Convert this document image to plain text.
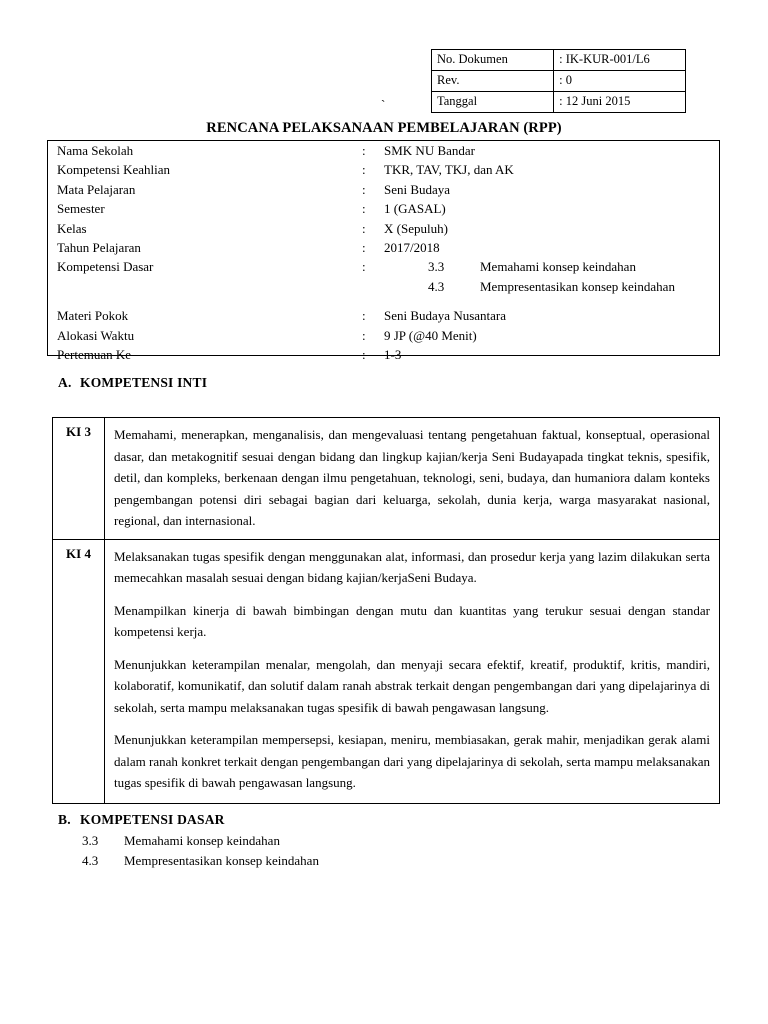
No. Dokumen	: IK-KUR-001/L6
Rev.	: 0
Tanggal	: 12 Juni 2015
`
RENCANA PELAKSANAAN PEMBELAJARAN (RPP)
Nama Sekolah	:	SMK NU Bandar
Kompetensi Keahlian	:	TKR, TAV, TKJ, dan AK
Mata Pelajaran	:	Seni Budaya
Semester	:	1 (GASAL)
Kelas	:	X (Sepuluh)
Tahun Pelajaran	:	2017/2018
Kompetensi Dasar	:	3.3 Memahami konsep keindahan
4.3 Mempresentasikan konsep keindahan

Materi Pokok	:	Seni Budaya Nusantara
Alokasi Waktu	:	9 JP (@40 Menit)
Pertemuan Ke	:	1-3
A. KOMPETENSI INTI
KI 3	Memahami, menerapkan, menganalisis, dan mengevaluasi tentang pengetahuan faktual, konseptual, operasional dasar, dan metakognitif sesuai dengan bidang dan lingkup kajian/kerja Seni Budayapada tingkat teknis, spesifik, detil, dan kompleks, berkenaan dengan ilmu pengetahuan, teknologi, seni, budaya, dan humaniora dalam konteks pengembangan potensi diri sebagai bagian dari keluarga, sekolah, dunia kerja, warga masyarakat nasional, regional, dan internasional.
KI 4	Melaksanakan tugas spesifik dengan menggunakan alat, informasi, dan prosedur kerja yang lazim dilakukan serta memecahkan masalah sesuai dengan bidang kajian/kerjaSeni Budaya.

Menampilkan kinerja di bawah bimbingan dengan mutu dan kuantitas yang terukur sesuai dengan standar kompetensi kerja.

Menunjukkan keterampilan menalar, mengolah, dan menyaji secara efektif, kreatif, produktif, kritis, mandiri, kolaboratif, komunikatif, dan solutif dalam ranah abstrak terkait dengan pengembangan dari yang dipelajarinya di sekolah, serta mampu melaksanakan tugas spesifik di bawah pengawasan langsung.

Menunjukkan keterampilan mempersepsi, kesiapan, meniru, membiasakan, gerak mahir, menjadikan gerak alami dalam ranah konkret terkait dengan pengembangan dari yang dipelajarinya di sekolah, serta mampu melaksanakan tugas spesifik di bawah pengawasan langsung.

B. KOMPETENSI DASAR
3.3 Memahami konsep keindahan
4.3 Mempresentasikan konsep keindahan
